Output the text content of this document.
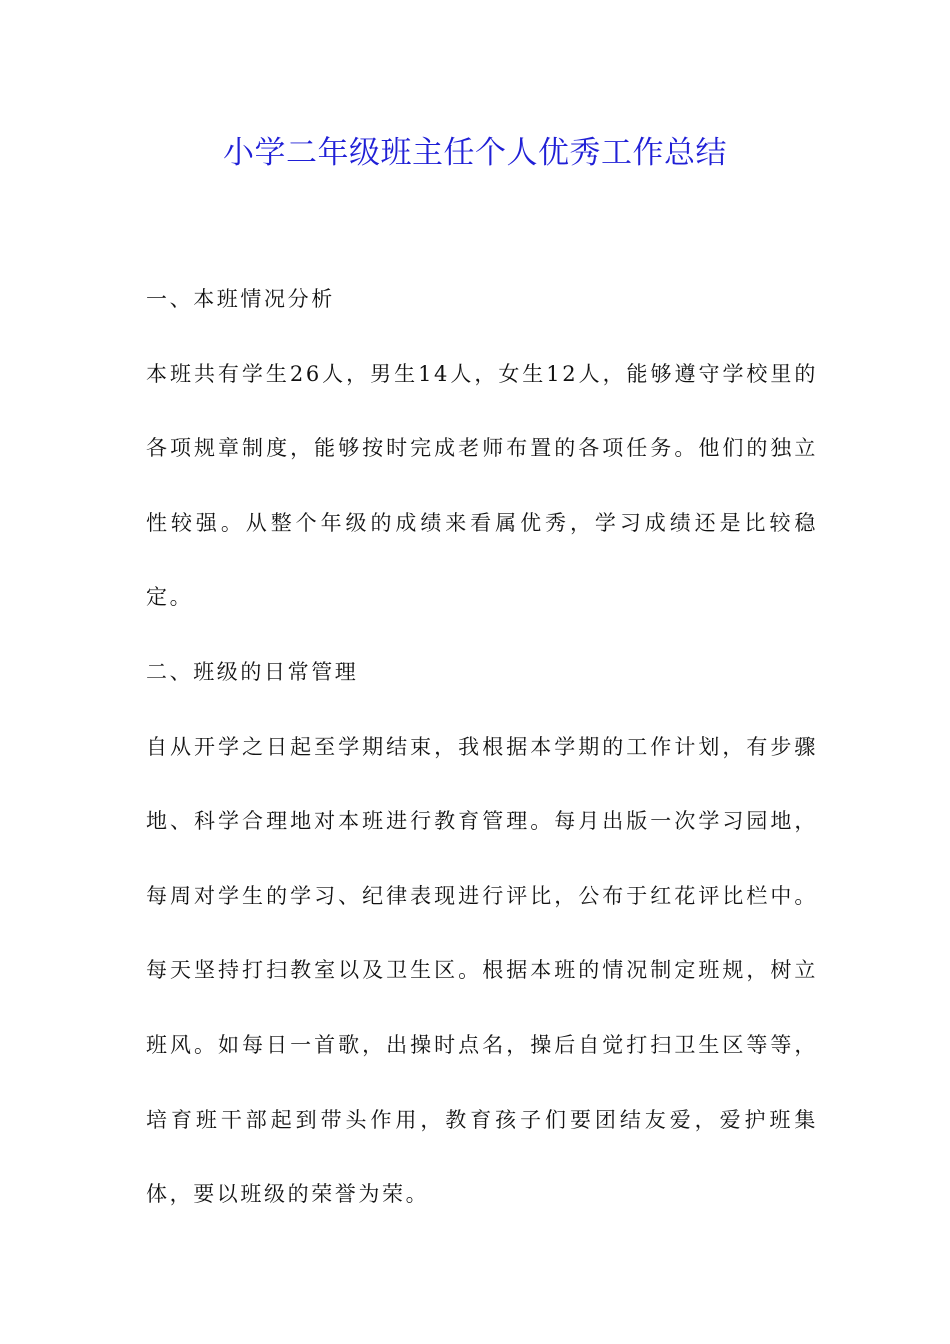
小学二年级班主任个人优秀工作总结

一、本班情况分析

本班共有学生26人，男生14人，女生12人，能够遵守学校里的各项规章制度，能够按时完成老师布置的各项任务。他们的独立性较强。从整个年级的成绩来看属优秀，学习成绩还是比较稳定。

二、班级的日常管理

自从开学之日起至学期结束，我根据本学期的工作计划，有步骤地、科学合理地对本班进行教育管理。每月出版一次学习园地，每周对学生的学习、纪律表现进行评比，公布于红花评比栏中。每天坚持打扫教室以及卫生区。根据本班的情况制定班规，树立班风。如每日一首歌，出操时点名，操后自觉打扫卫生区等等，培育班干部起到带头作用，教育孩子们要团结友爱，爱护班集体，要以班级的荣誉为荣。
